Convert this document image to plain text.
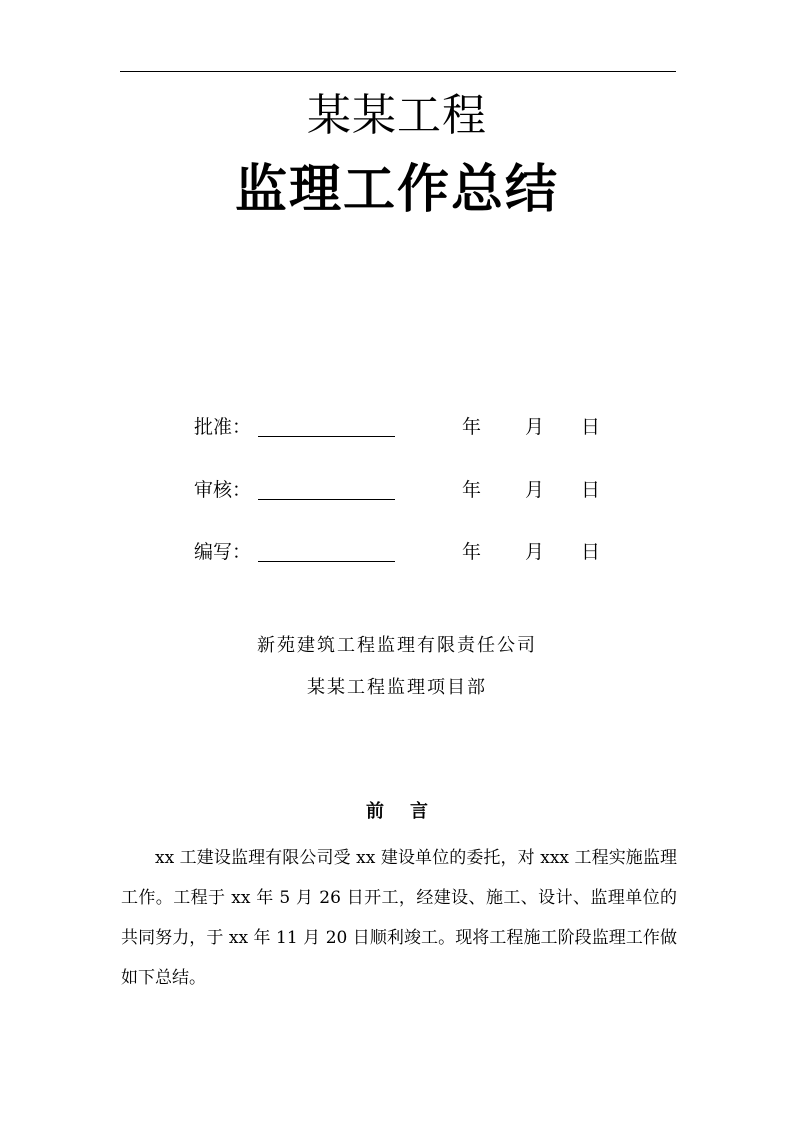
某某工程
监理工作总结
批准：	年 月 日
审核：	年 月 日
编写：	年 月 日
新苑建筑工程监理有限责任公司
某某工程监理项目部
前 言

xx 工建设监理有限公司受 xx 建设单位的委托，对 xxx 工程实施监理工作。工程于 xx 年 5 月 26 日开工，经建设、施工、设计、监理单位的共同努力，于 xx 年 11 月 20 日顺利竣工。现将工程施工阶段监理工作做如下总结。
